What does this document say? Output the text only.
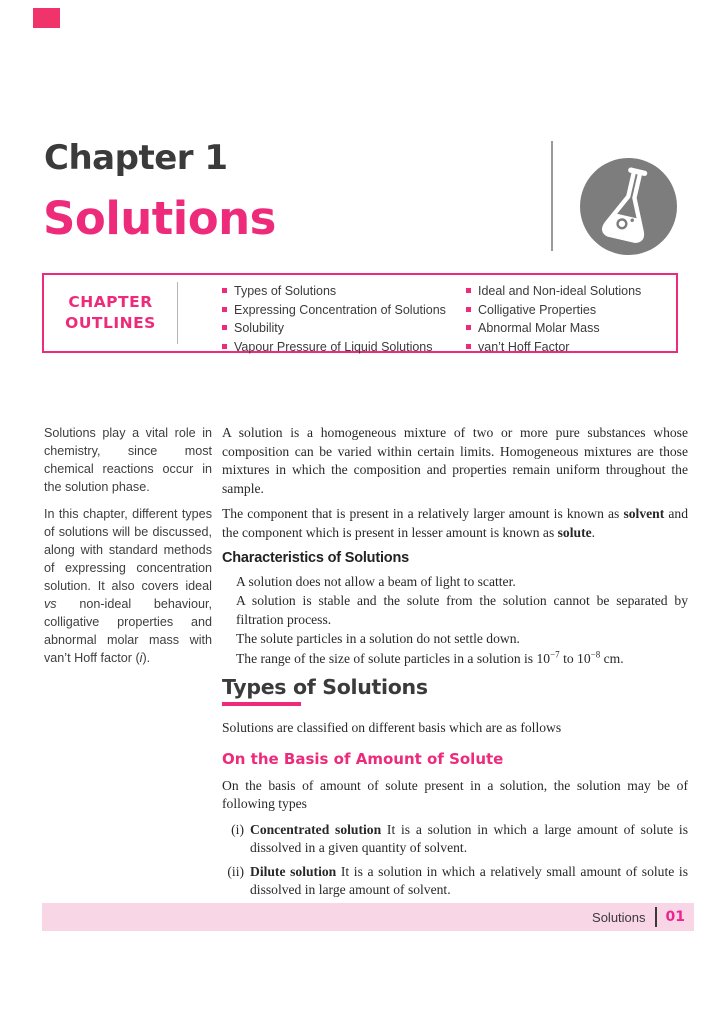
Chapter 1
Solutions
CHAPTER
OUTLINES
Types of Solutions
Expressing Concentration of Solutions
Solubility
Vapour Pressure of Liquid Solutions
Ideal and Non-ideal Solutions
Colligative Properties
Abnormal Molar Mass
van’t Hoff Factor

Solutions play a vital role in chemistry, since most chemical reactions occur in the solution phase.

In this chapter, different types of solutions will be discussed, along with standard methods of expressing concentration solution. It also covers ideal vs non-ideal behaviour, colligative properties and abnormal molar mass with van’t Hoff factor (i).

A solution is a homogeneous mixture of two or more pure substances whose composition can be varied within certain limits. Homogeneous mixtures are those mixtures in which the composition and properties remain uniform throughout the sample.

The component that is present in a relatively larger amount is known as solvent and the component which is present in lesser amount is known as solute.

Characteristics of Solutions
A solution does not allow a beam of light to scatter.
A solution is stable and the solute from the solution cannot be separated by filtration process.
The solute particles in a solution do not settle down.
The range of the size of solute particles in a solution is $10^{-7}$ to $10^{-8}$ cm.
Types of Solutions

Solutions are classified on different basis which are as follows

On the Basis of Amount of Solute

On the basis of amount of solute present in a solution, the solution may be of following types

(i) Concentrated solution It is a solution in which a large amount of solute is dissolved in a given quantity of solvent.
(ii) Dilute solution It is a solution in which a relatively small amount of solute is dissolved in large amount of solvent.
Solutions 01
